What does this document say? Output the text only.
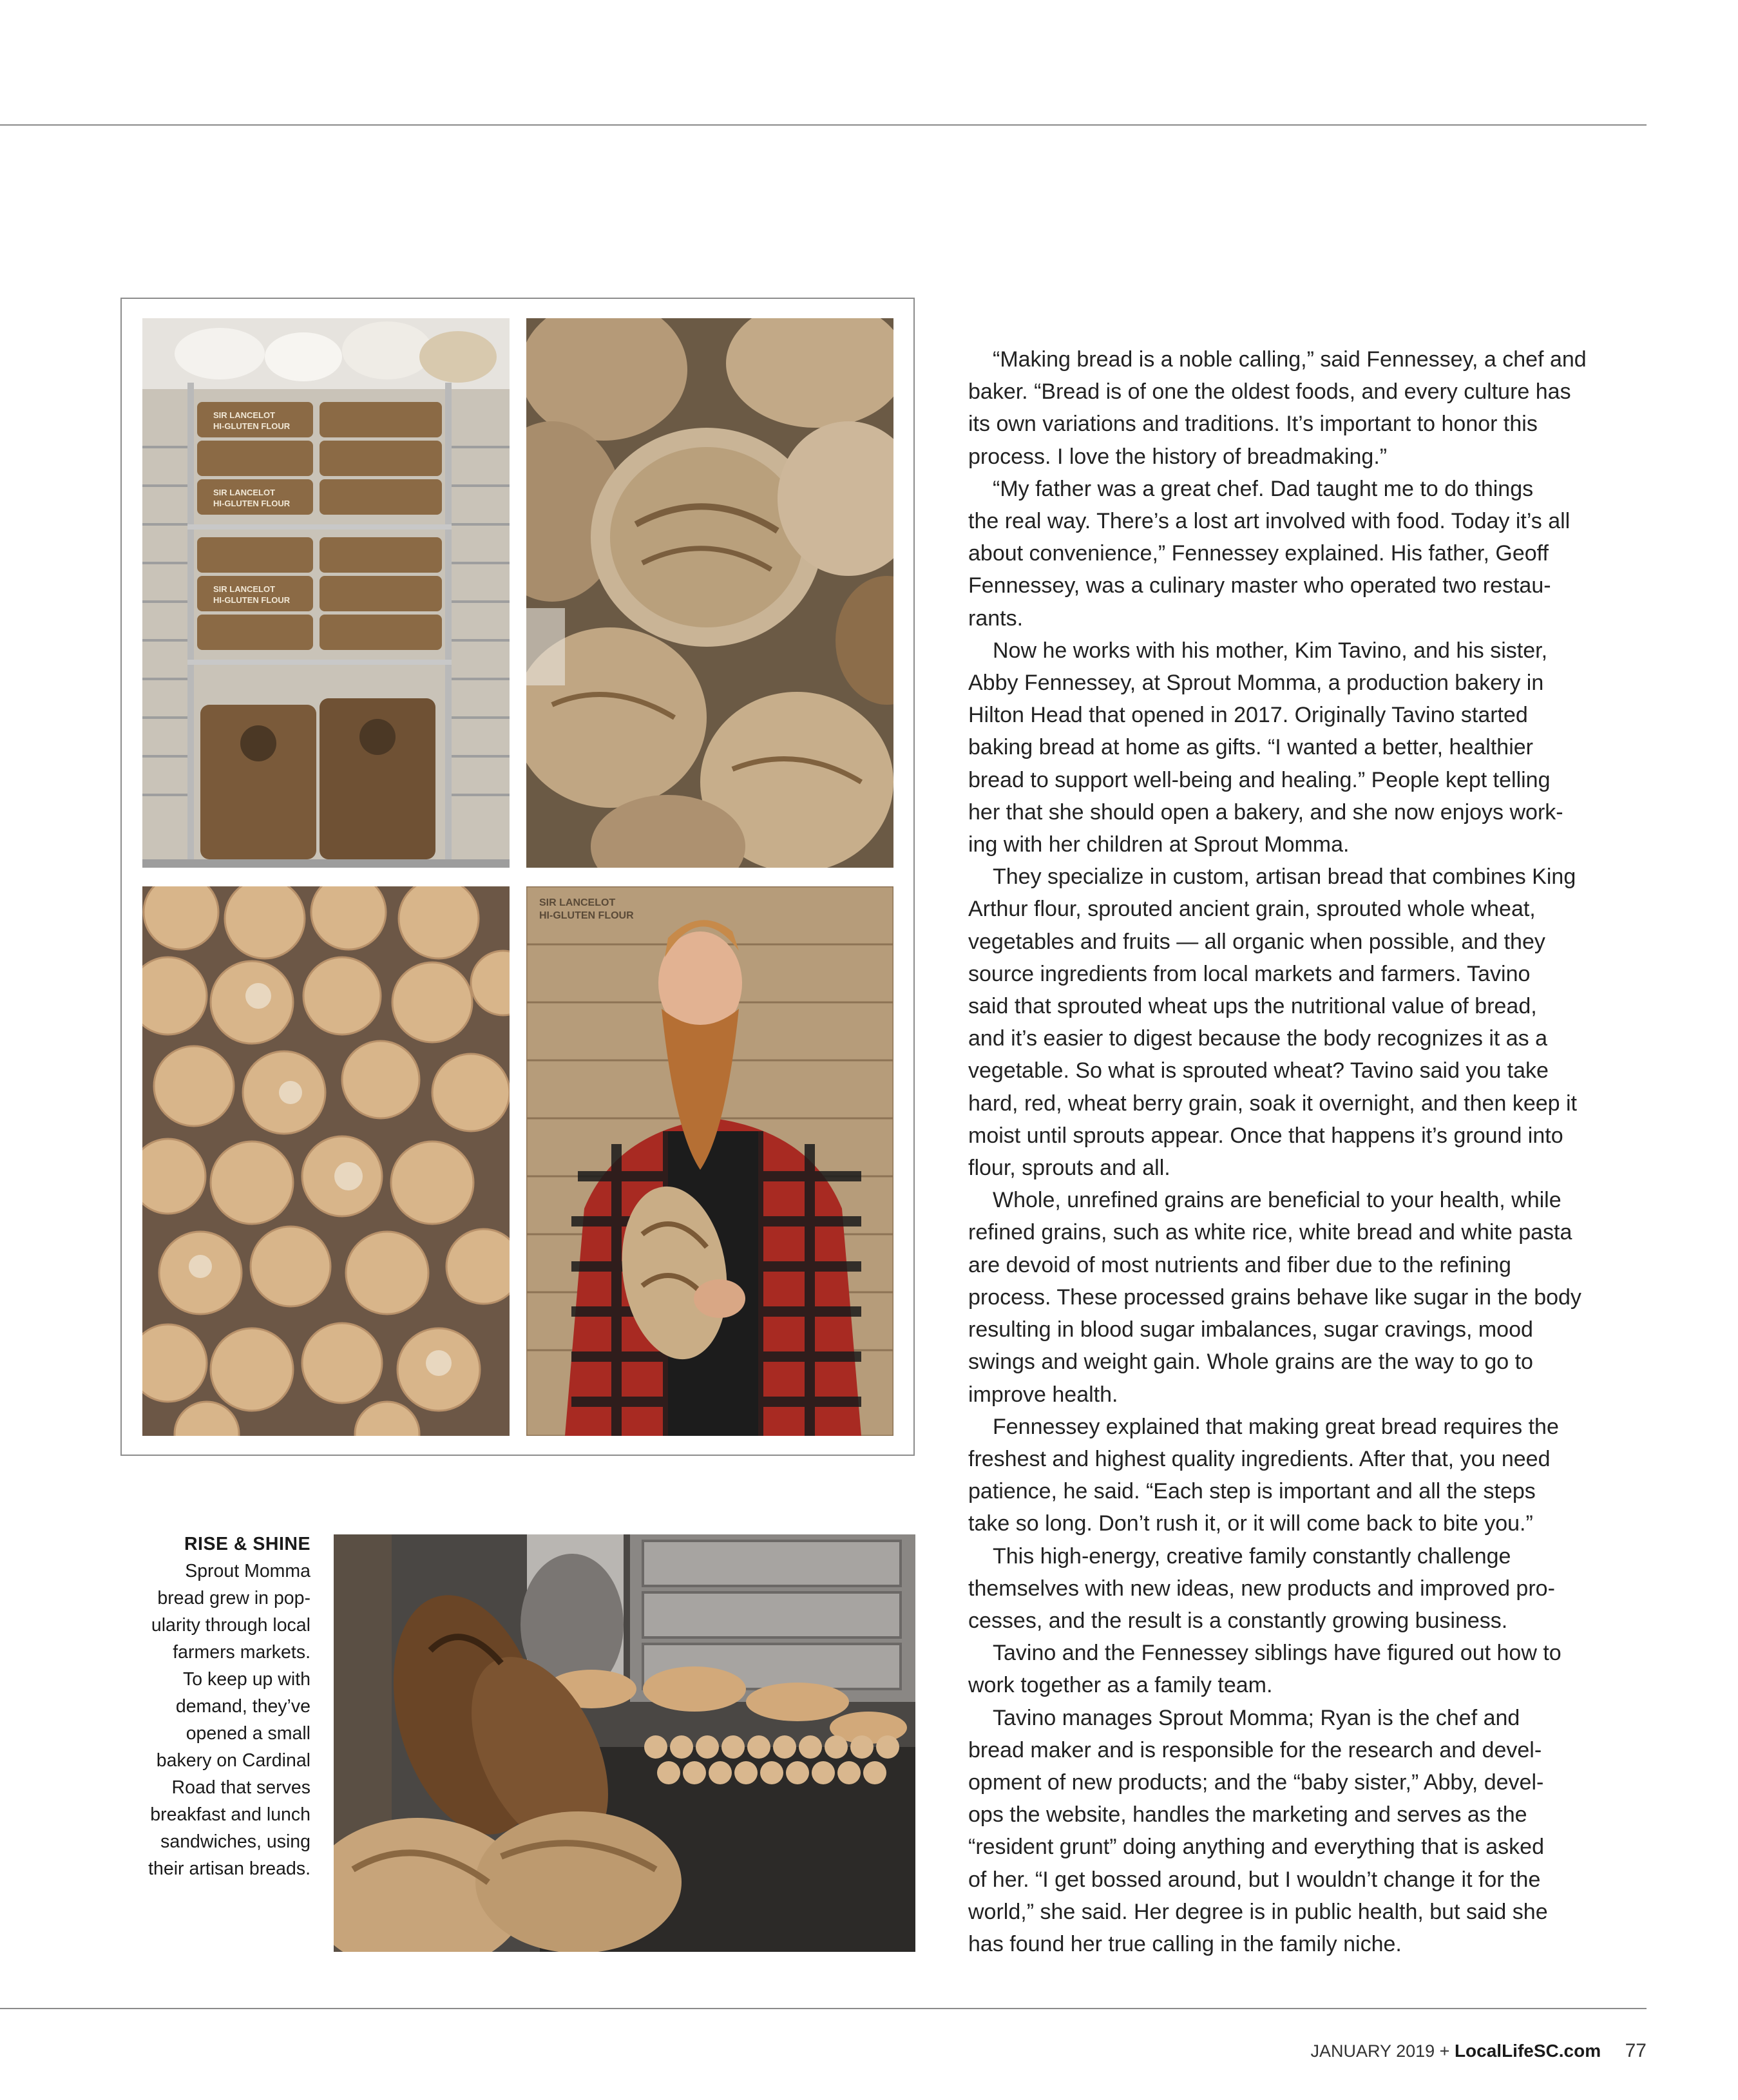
SIR LANCELOT
HI-GLUTEN FLOUR
SIR LANCELOT
HI-GLUTEN FLOUR
SIR LANCELOT
HI-GLUTEN FLOUR
SIR LANCELOT
HI-GLUTEN FLOUR
RISE & SHINE
Sprout Momma
bread grew in pop-
ularity through local
farmers markets.
To keep up with
demand, they’ve
opened a small
bakery on Cardinal
Road that serves
breakfast and lunch
sandwiches, using
their artisan breads.
“Making bread is a noble calling,” said Fennessey, a chef and
baker. “Bread is of one the oldest foods, and every culture has
its own variations and traditions. It’s important to honor this
process. I love the history of breadmaking.”
“My father was a great chef. Dad taught me to do things
the real way. There’s a lost art involved with food. Today it’s all
about convenience,” Fennessey explained. His father, Geoff
Fennessey, was a culinary master who operated two restau-
rants.
Now he works with his mother, Kim Tavino, and his sister,
Abby Fennessey, at Sprout Momma, a production bakery in
Hilton Head that opened in 2017. Originally Tavino started
baking bread at home as gifts. “I wanted a better, healthier
bread to support well-being and healing.” People kept telling
her that she should open a bakery, and she now enjoys work-
ing with her children at Sprout Momma.
They specialize in custom, artisan bread that combines King
Arthur flour, sprouted ancient grain, sprouted whole wheat,
vegetables and fruits — all organic when possible, and they
source ingredients from local markets and farmers. Tavino
said that sprouted wheat ups the nutritional value of bread,
and it’s easier to digest because the body recognizes it as a
vegetable. So what is sprouted wheat? Tavino said you take
hard, red, wheat berry grain, soak it overnight, and then keep it
moist until sprouts appear. Once that happens it’s ground into
flour, sprouts and all.
Whole, unrefined grains are beneficial to your health, while
refined grains, such as white rice, white bread and white pasta
are devoid of most nutrients and fiber due to the refining
process. These processed grains behave like sugar in the body
resulting in blood sugar imbalances, sugar cravings, mood
swings and weight gain. Whole grains are the way to go to
improve health.
Fennessey explained that making great bread requires the
freshest and highest quality ingredients. After that, you need
patience, he said. “Each step is important and all the steps
take so long. Don’t rush it, or it will come back to bite you.”
This high-energy, creative family constantly challenge
themselves with new ideas, new products and improved pro-
cesses, and the result is a constantly growing business.
Tavino and the Fennessey siblings have figured out how to
work together as a family team.
Tavino manages Sprout Momma; Ryan is the chef and
bread maker and is responsible for the research and devel-
opment of new products; and the “baby sister,” Abby, devel-
ops the website, handles the marketing and serves as the
“resident grunt” doing anything and everything that is asked
of her. “I get bossed around, but I wouldn’t change it for the
world,” she said. Her degree is in public health, but said she
has found her true calling in the family niche.
JANUARY 2019 + LocalLifeSC.com 77
